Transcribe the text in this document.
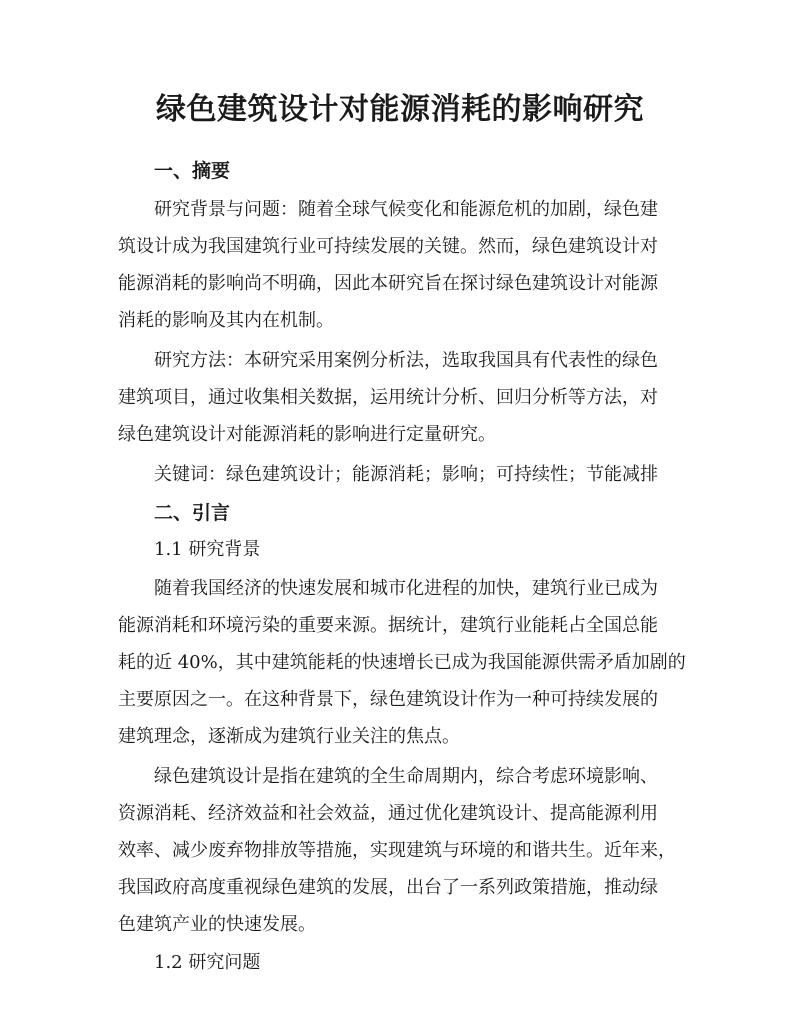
绿色建筑设计对能源消耗的影响研究
一、摘要
研究背景与问题：随着全球气候变化和能源危机的加剧，绿色建
筑设计成为我国建筑行业可持续发展的关键。然而，绿色建筑设计对
能源消耗的影响尚不明确，因此本研究旨在探讨绿色建筑设计对能源
消耗的影响及其内在机制。
研究方法：本研究采用案例分析法，选取我国具有代表性的绿色
建筑项目，通过收集相关数据，运用统计分析、回归分析等方法，对
绿色建筑设计对能源消耗的影响进行定量研究。
关键词：绿色建筑设计；能源消耗；影响；可持续性；节能减排
二、引言
1.1 研究背景
随着我国经济的快速发展和城市化进程的加快，建筑行业已成为
能源消耗和环境污染的重要来源。据统计，建筑行业能耗占全国总能
耗的近 40%，其中建筑能耗的快速增长已成为我国能源供需矛盾加剧的
主要原因之一。在这种背景下，绿色建筑设计作为一种可持续发展的
建筑理念，逐渐成为建筑行业关注的焦点。
绿色建筑设计是指在建筑的全生命周期内，综合考虑环境影响、
资源消耗、经济效益和社会效益，通过优化建筑设计、提高能源利用
效率、减少废弃物排放等措施，实现建筑与环境的和谐共生。近年来，
我国政府高度重视绿色建筑的发展，出台了一系列政策措施，推动绿
色建筑产业的快速发展。
1.2 研究问题
